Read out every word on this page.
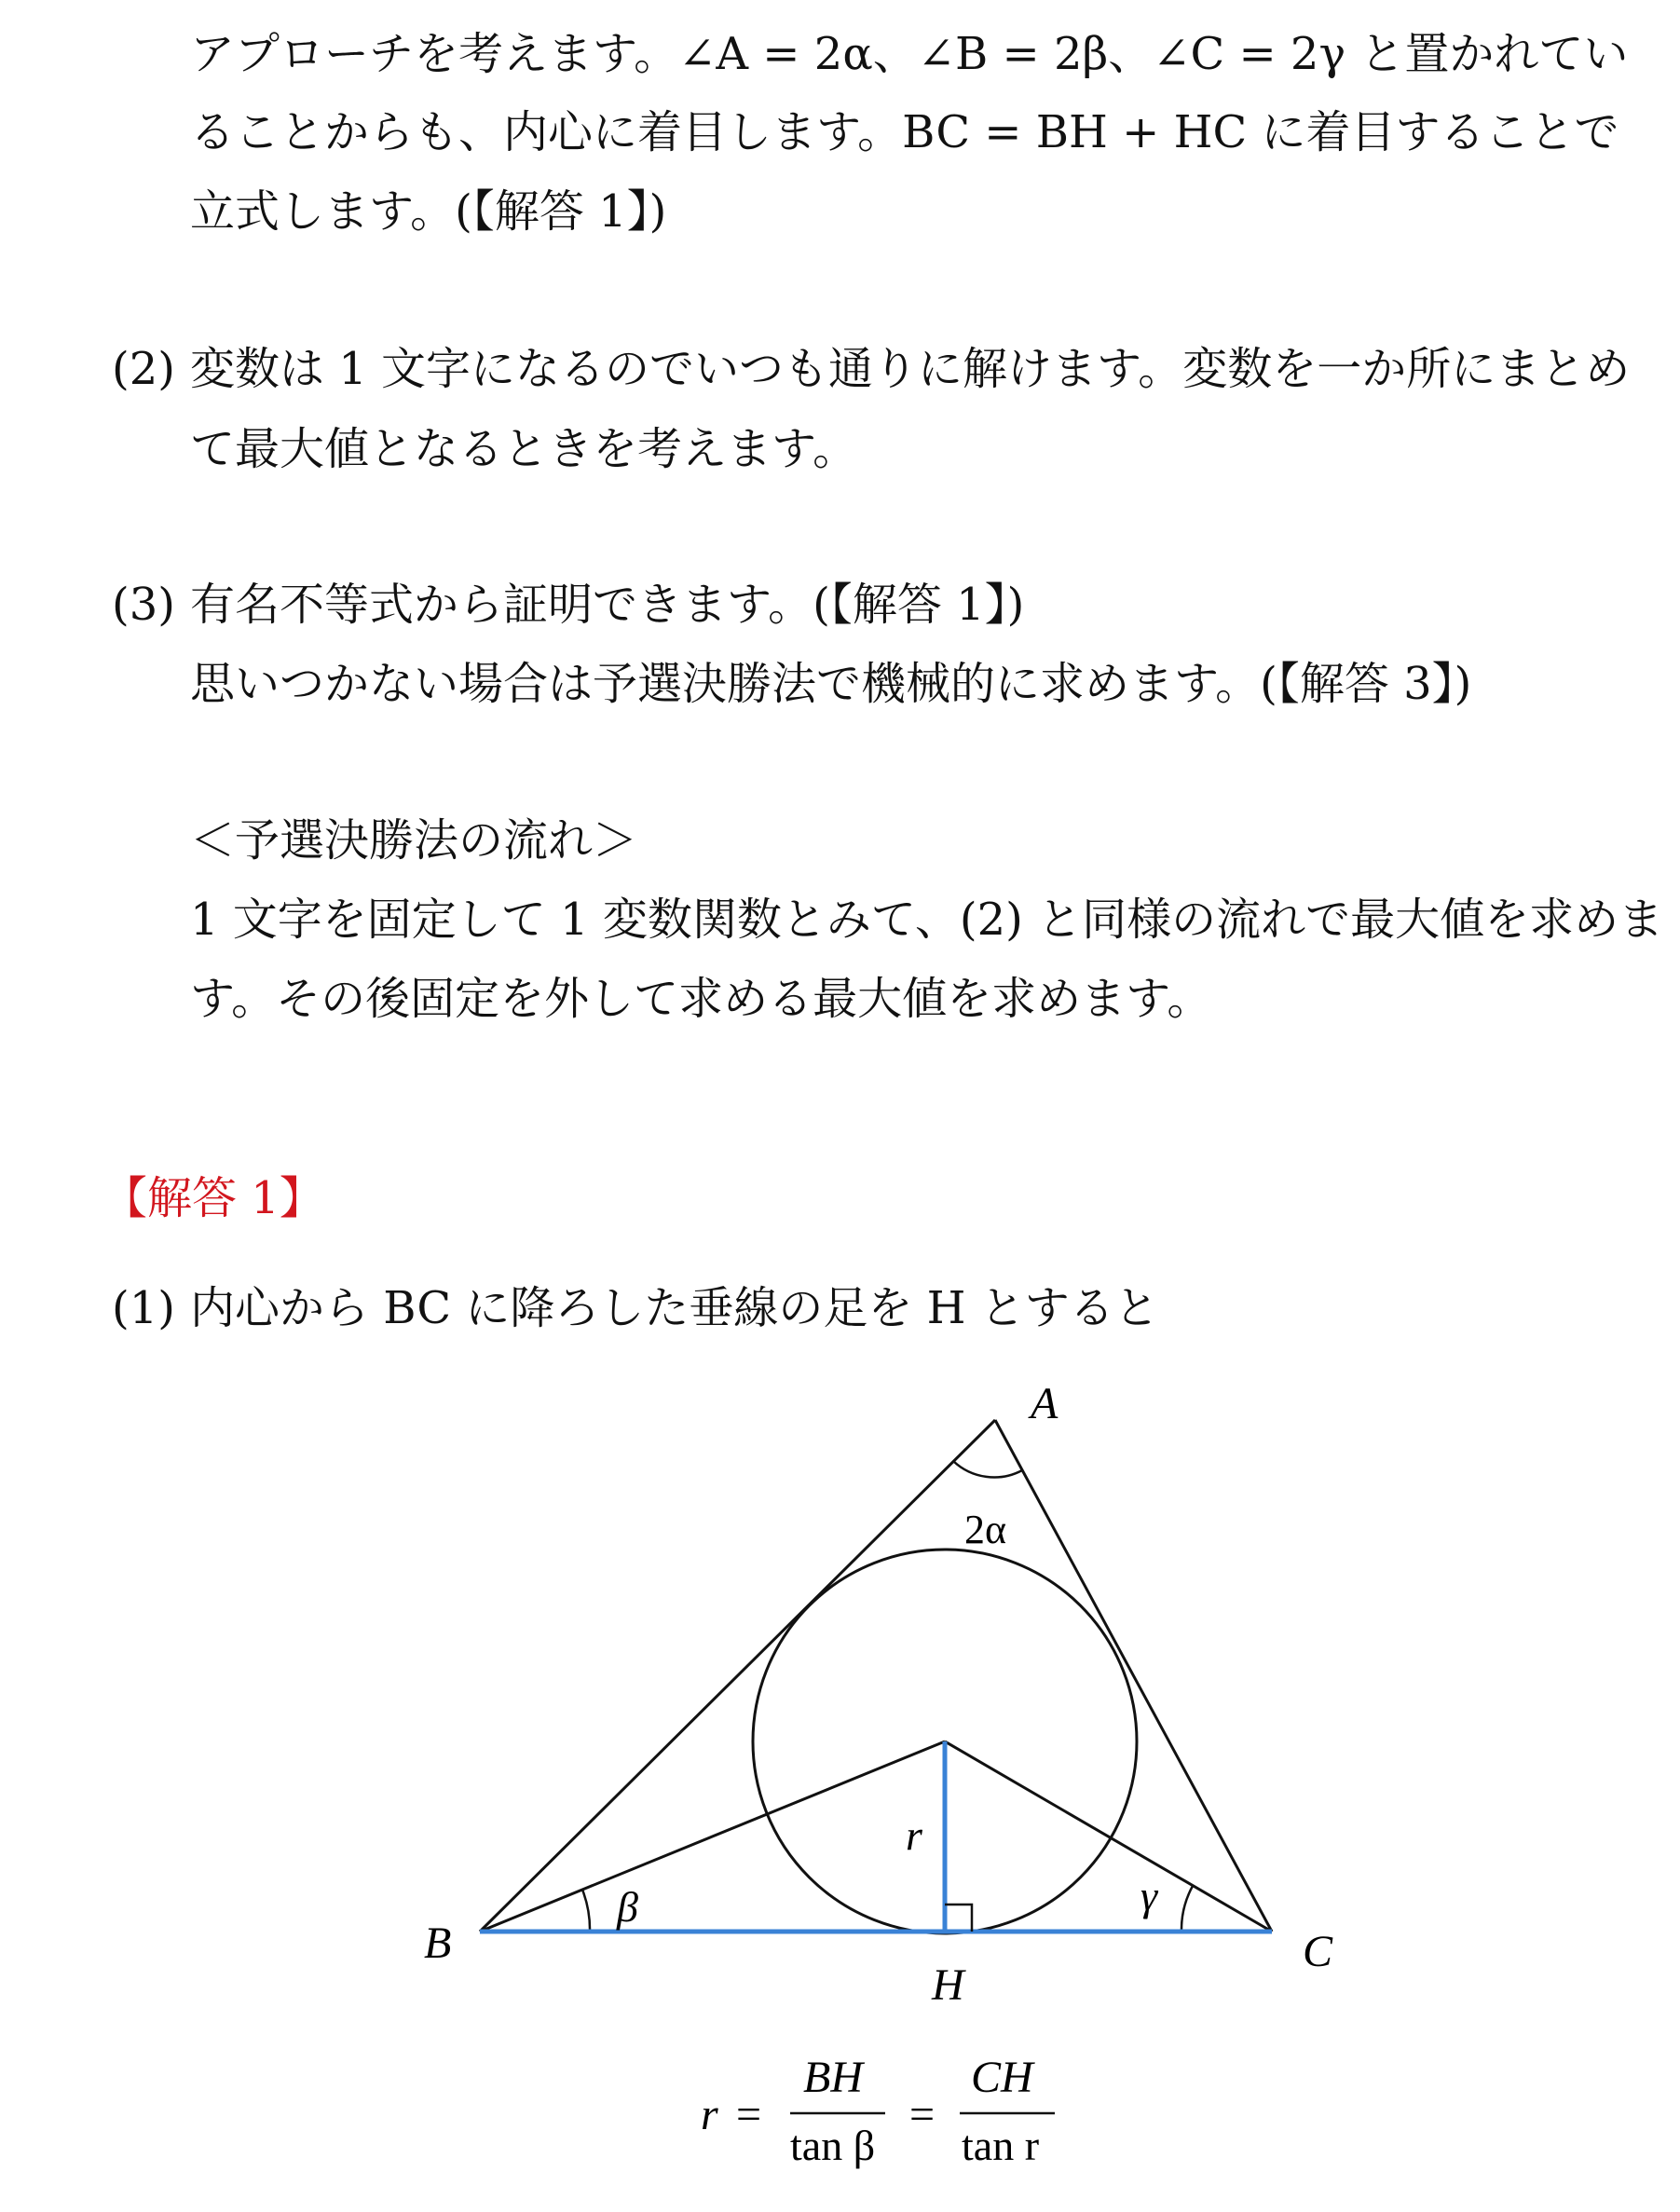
アプローチを考えます。∠A = 2α、∠B = 2β、∠C = 2γ と置かれてい
ることからも、内心に着目します。BC = BH + HC に着目することで
立式します。(【解答 1】)
(2) 変数は 1 文字になるのでいつも通りに解けます。変数を一か所にまとめ
て最大値となるときを考えます。
(3) 有名不等式から証明できます。(【解答 1】)
思いつかない場合は予選決勝法で機械的に求めます。(【解答 3】)
＜予選決勝法の流れ＞
1 文字を固定して 1 変数関数とみて、(2) と同様の流れで最大値を求めま
す。その後固定を外して求める最大値を求めます。
【解答 1】
(1) 内心から BC に降ろした垂線の足を H とすると
A
2α
B	C
H
β	γ
r
r =
BH
tan β
=
CH
tan r
